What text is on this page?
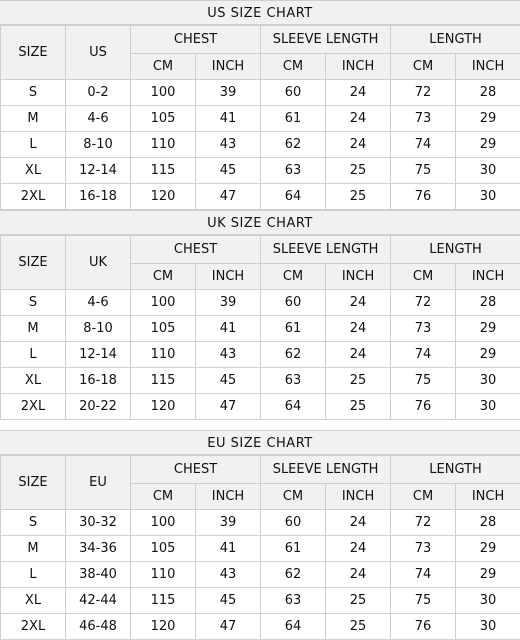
US SIZE CHART
SIZE	US	CHEST		SLEEVE LENGTH		LENGTH	
		CM	INCH	CM	INCH	CM	INCH
S	0-2	100	39	60	24	72	28
M	4-6	105	41	61	24	73	29
L	8-10	110	43	62	24	74	29
XL	12-14	115	45	63	25	75	30
2XL	16-18	120	47	64	25	76	30
UK SIZE CHART
SIZE	UK	CHEST		SLEEVE LENGTH		LENGTH	
		CM	INCH	CM	INCH	CM	INCH
S	4-6	100	39	60	24	72	28
M	8-10	105	41	61	24	73	29
L	12-14	110	43	62	24	74	29
XL	16-18	115	45	63	25	75	30
2XL	20-22	120	47	64	25	76	30
EU SIZE CHART
SIZE	EU	CHEST		SLEEVE LENGTH		LENGTH	
		CM	INCH	CM	INCH	CM	INCH
S	30-32	100	39	60	24	72	28
M	34-36	105	41	61	24	73	29
L	38-40	110	43	62	24	74	29
XL	42-44	115	45	63	25	75	30
2XL	46-48	120	47	64	25	76	30
